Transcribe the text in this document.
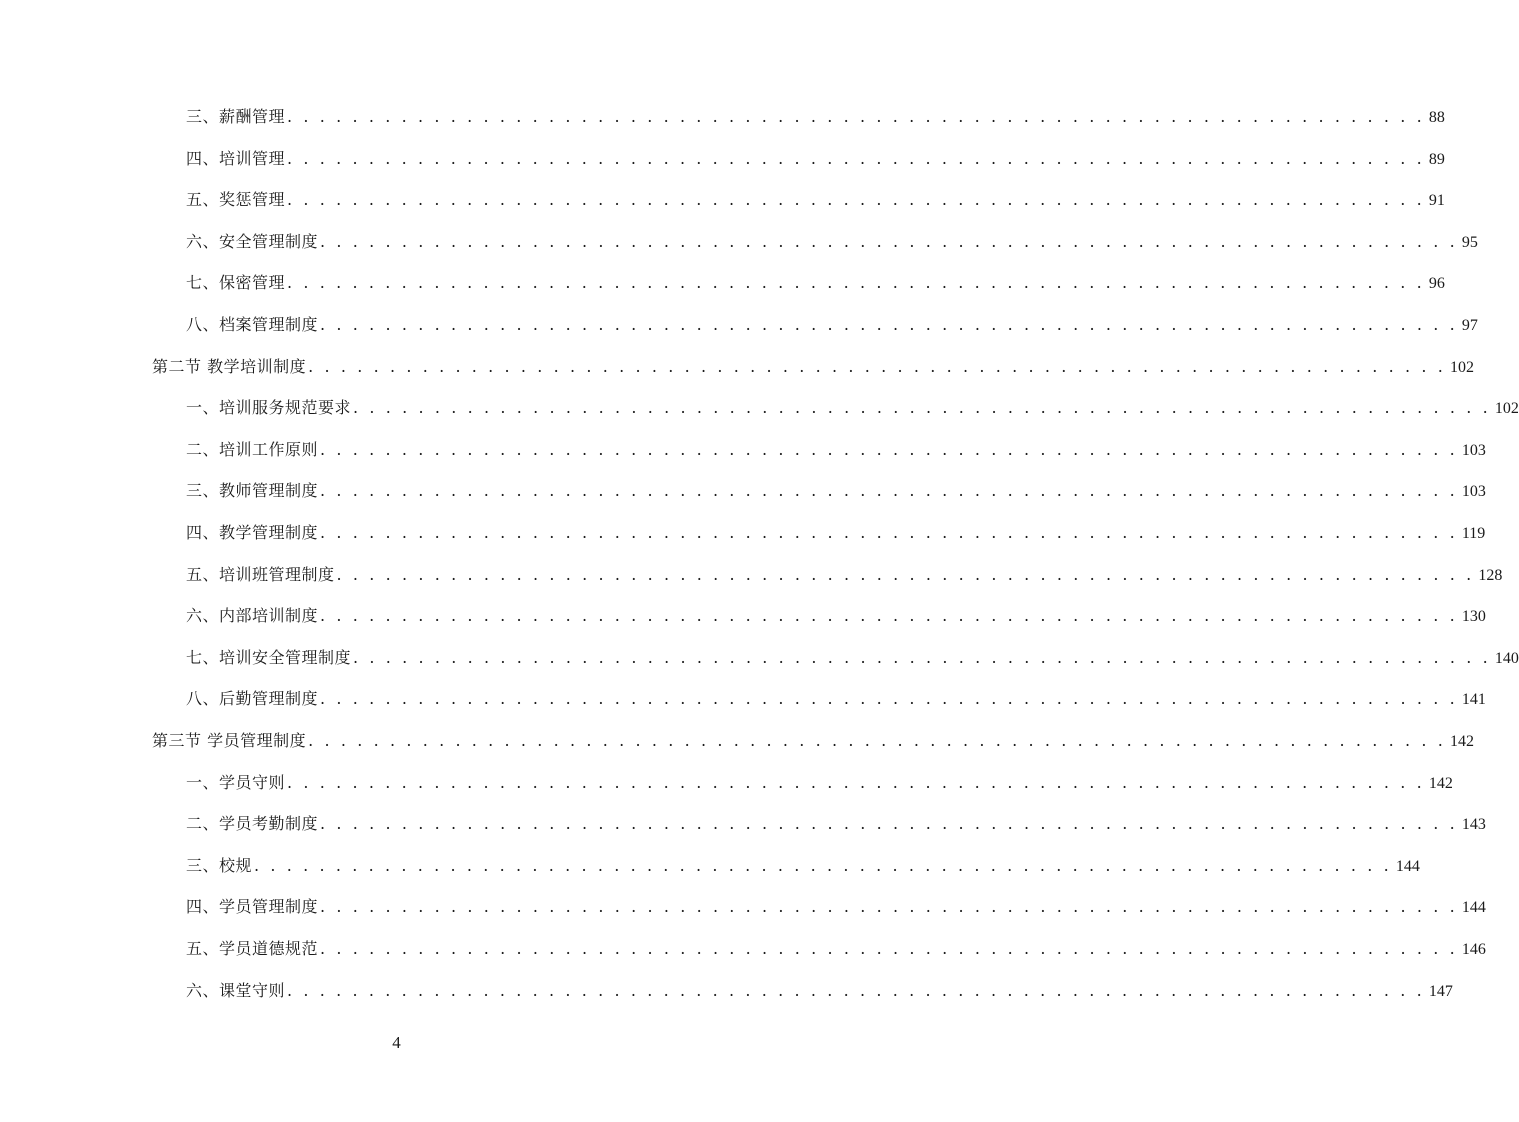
三、薪酬管理 . . . . . . . . . . . . . . . . . . . . . . . . . . . . . . . . . . . . . . . . . . . . . . . . . . . . . . . . . . . . . . . . . . . . . . 88
四、培训管理 . . . . . . . . . . . . . . . . . . . . . . . . . . . . . . . . . . . . . . . . . . . . . . . . . . . . . . . . . . . . . . . . . . . . . . 89
五、奖惩管理 . . . . . . . . . . . . . . . . . . . . . . . . . . . . . . . . . . . . . . . . . . . . . . . . . . . . . . . . . . . . . . . . . . . . . . 91
六、安全管理制度 . . . . . . . . . . . . . . . . . . . . . . . . . . . . . . . . . . . . . . . . . . . . . . . . . . . . . . . . . . . . . . . . . . . . . . 95
七、保密管理 . . . . . . . . . . . . . . . . . . . . . . . . . . . . . . . . . . . . . . . . . . . . . . . . . . . . . . . . . . . . . . . . . . . . . . 96
八、档案管理制度 . . . . . . . . . . . . . . . . . . . . . . . . . . . . . . . . . . . . . . . . . . . . . . . . . . . . . . . . . . . . . . . . . . . . . . 97
第二节 教学培训制度 . . . . . . . . . . . . . . . . . . . . . . . . . . . . . . . . . . . . . . . . . . . . . . . . . . . . . . . . . . . . . . . . . . . . . . 102
一、培训服务规范要求 . . . . . . . . . . . . . . . . . . . . . . . . . . . . . . . . . . . . . . . . . . . . . . . . . . . . . . . . . . . . . . . . . . . . . . 102
二、培训工作原则 . . . . . . . . . . . . . . . . . . . . . . . . . . . . . . . . . . . . . . . . . . . . . . . . . . . . . . . . . . . . . . . . . . . . . . 103
三、教师管理制度 . . . . . . . . . . . . . . . . . . . . . . . . . . . . . . . . . . . . . . . . . . . . . . . . . . . . . . . . . . . . . . . . . . . . . . 103
四、教学管理制度 . . . . . . . . . . . . . . . . . . . . . . . . . . . . . . . . . . . . . . . . . . . . . . . . . . . . . . . . . . . . . . . . . . . . . . 119
五、培训班管理制度 . . . . . . . . . . . . . . . . . . . . . . . . . . . . . . . . . . . . . . . . . . . . . . . . . . . . . . . . . . . . . . . . . . . . . . 128
六、内部培训制度 . . . . . . . . . . . . . . . . . . . . . . . . . . . . . . . . . . . . . . . . . . . . . . . . . . . . . . . . . . . . . . . . . . . . . . 130
七、培训安全管理制度 . . . . . . . . . . . . . . . . . . . . . . . . . . . . . . . . . . . . . . . . . . . . . . . . . . . . . . . . . . . . . . . . . . . . . . 140
八、后勤管理制度 . . . . . . . . . . . . . . . . . . . . . . . . . . . . . . . . . . . . . . . . . . . . . . . . . . . . . . . . . . . . . . . . . . . . . . 141
第三节 学员管理制度 . . . . . . . . . . . . . . . . . . . . . . . . . . . . . . . . . . . . . . . . . . . . . . . . . . . . . . . . . . . . . . . . . . . . . . 142
一、学员守则 . . . . . . . . . . . . . . . . . . . . . . . . . . . . . . . . . . . . . . . . . . . . . . . . . . . . . . . . . . . . . . . . . . . . . . 142
二、学员考勤制度 . . . . . . . . . . . . . . . . . . . . . . . . . . . . . . . . . . . . . . . . . . . . . . . . . . . . . . . . . . . . . . . . . . . . . . 143
三、校规 . . . . . . . . . . . . . . . . . . . . . . . . . . . . . . . . . . . . . . . . . . . . . . . . . . . . . . . . . . . . . . . . . . . . . . 144
四、学员管理制度 . . . . . . . . . . . . . . . . . . . . . . . . . . . . . . . . . . . . . . . . . . . . . . . . . . . . . . . . . . . . . . . . . . . . . . 144
五、学员道德规范 . . . . . . . . . . . . . . . . . . . . . . . . . . . . . . . . . . . . . . . . . . . . . . . . . . . . . . . . . . . . . . . . . . . . . . 146
六、课堂守则 . . . . . . . . . . . . . . . . . . . . . . . . . . . . . . . . . . . . . . . . . . . . . . . . . . . . . . . . . . . . . . . . . . . . . . 147
4
